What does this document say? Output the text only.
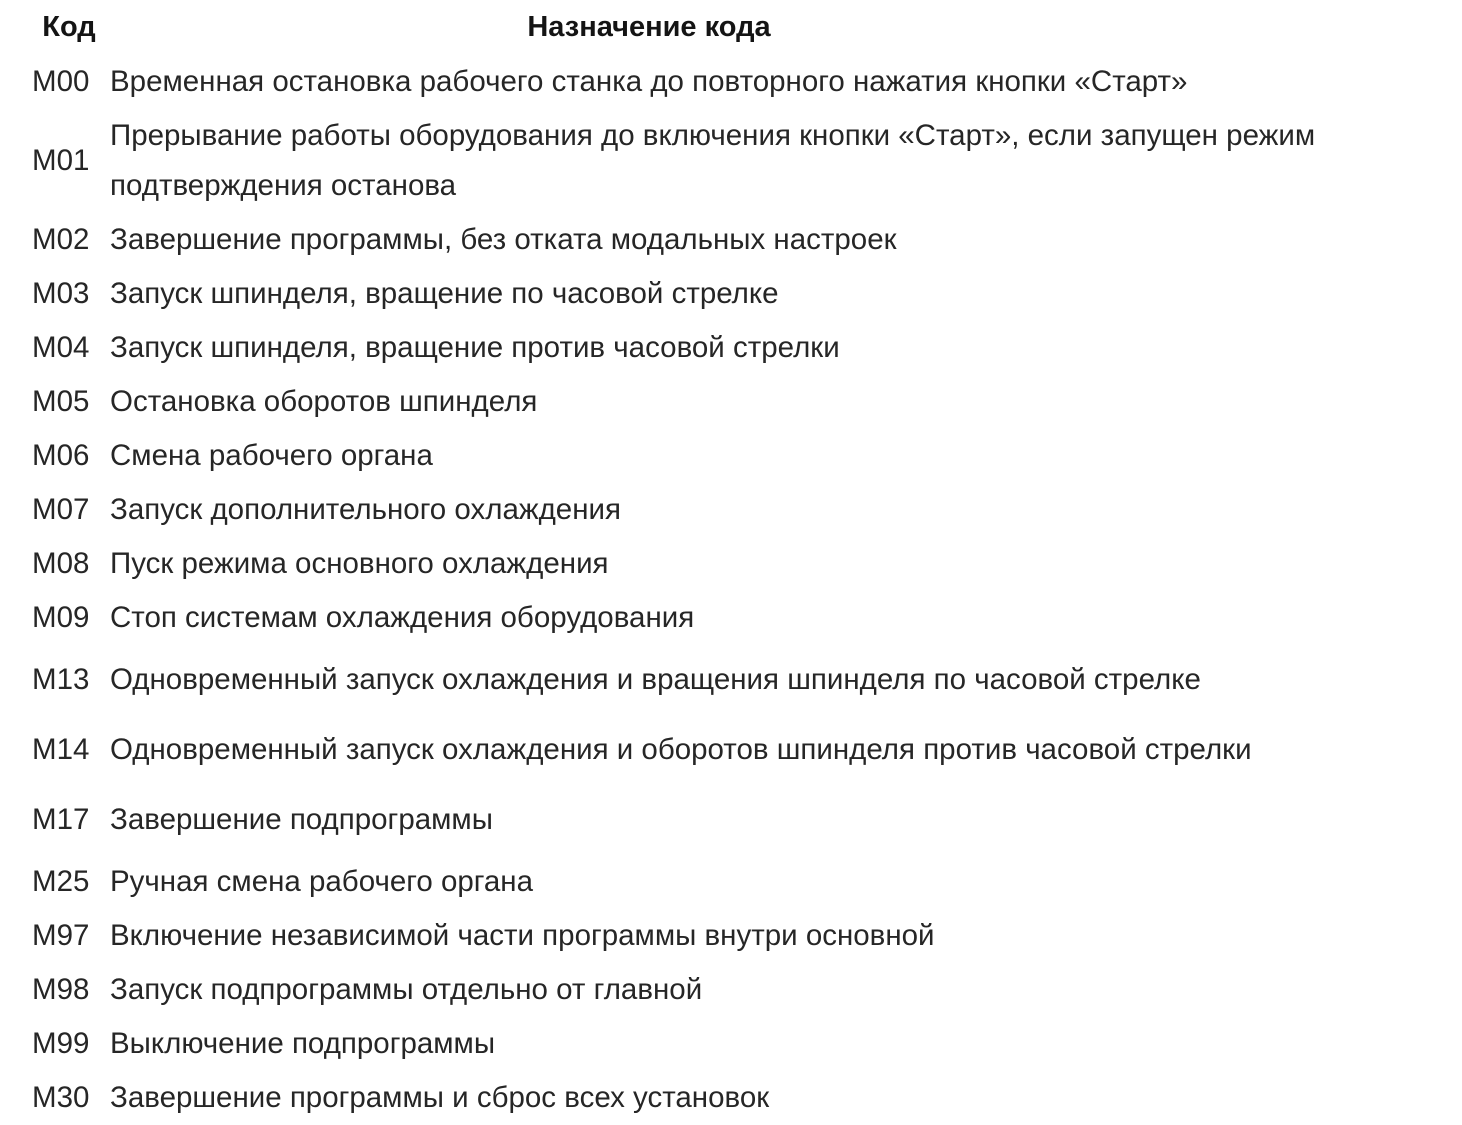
Код	Назначение кода
M00	Временная остановка рабочего станка до повторного нажатия кнопки «Старт»
M01	Прерывание работы оборудования до включения кнопки «Старт», если запущен режим подтверждения останова
M02	Завершение программы, без отката модальных настроек
M03	Запуск шпинделя, вращение по часовой стрелке
M04	Запуск шпинделя, вращение против часовой стрелки
M05	Остановка оборотов шпинделя
M06	Смена рабочего органа
M07	Запуск дополнительного охлаждения
M08	Пуск режима основного охлаждения
M09	Стоп системам охлаждения оборудования
M13	Одновременный запуск охлаждения и вращения шпинделя по часовой стрелке
M14	Одновременный запуск охлаждения и оборотов шпинделя против часовой стрелки
M17	Завершение подпрограммы
M25	Ручная смена рабочего органа
M97	Включение независимой части программы внутри основной
M98	Запуск подпрограммы отдельно от главной
M99	Выключение подпрограммы
M30	Завершение программы и сброс всех установок
